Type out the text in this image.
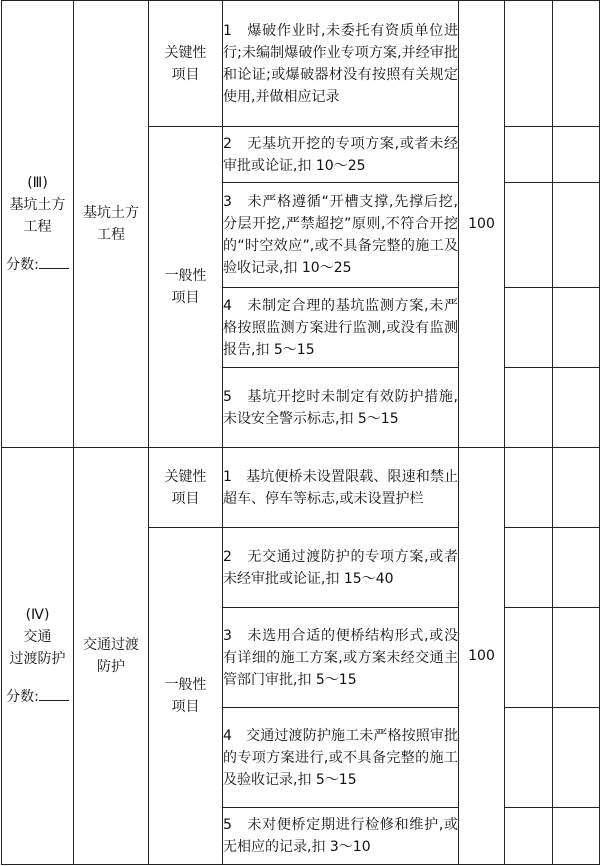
(Ⅲ)
基坑土方
工程
分数:	基坑土方工程	关键性项目	1　爆破作业时,未委托有资质单位进行;未编制爆破作业专项方案,并经审批和论证;或爆破器材没有按照有关规定使用,并做相应记录	100		
		一般性项目	2　无基坑开挖的专项方案,或者未经审批或论证,扣 10～25			
			3　未严格遵循“开槽支撑,先撑后挖,分层开挖,严禁超挖”原则,不符合开挖的“时空效应”,或不具备完整的施工及验收记录,扣 10～25			
			4　未制定合理的基坑监测方案,未严格按照监测方案进行监测,或没有监测报告,扣 5～15			
			5　基坑开挖时未制定有效防护措施,未设安全警示标志,扣 5～15			

(Ⅳ)
交通
过渡防护
分数:	交通过渡防护	关键性项目	1　基坑便桥未设置限载、限速和禁止超车、停车等标志,或未设置护栏	100		
		一般性项目	2　无交通过渡防护的专项方案,或者未经审批或论证,扣 15～40			
			3　未选用合适的便桥结构形式,或没有详细的施工方案,或方案未经交通主管部门审批,扣 5～15			
			4　交通过渡防护施工未严格按照审批的专项方案进行,或不具备完整的施工及验收记录,扣 5～15			
			5　未对便桥定期进行检修和维护,或无相应的记录,扣 3～10			
